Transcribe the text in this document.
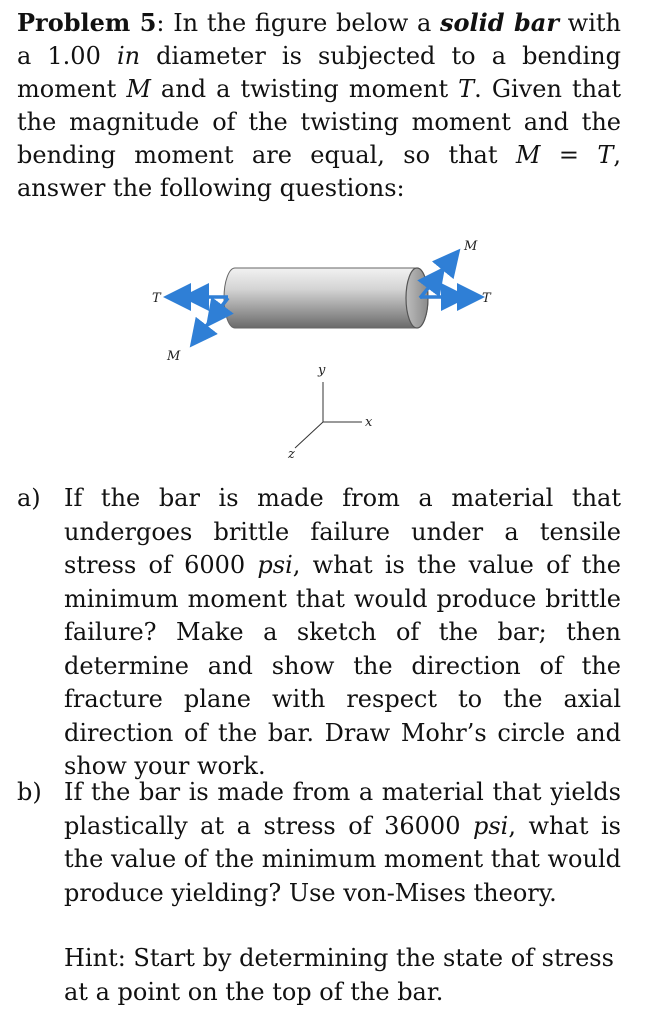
Problem 5: In the figure below a solid bar with a 1.00 in diameter is subjected to a bending moment M and a twisting moment T. Given that the magnitude of the twisting moment and the bending moment are equal, so that M = T, answer the following questions:
M
T	T
M
y
x
z
a) If the bar is made from a material that undergoes brittle failure under a tensile stress of 6000 psi, what is the value of the minimum moment that would produce brittle failure? Make a sketch of the bar; then determine and show the direction of the fracture plane with respect to the axial direction of the bar. Draw Mohr’s circle and show your work.
b) If the bar is made from a material that yields plastically at a stress of 36000 psi, what is the value of the minimum moment that would produce yielding? Use von-Mises theory.
Hint: Start by determining the state of stress at a point on the top of the bar.
